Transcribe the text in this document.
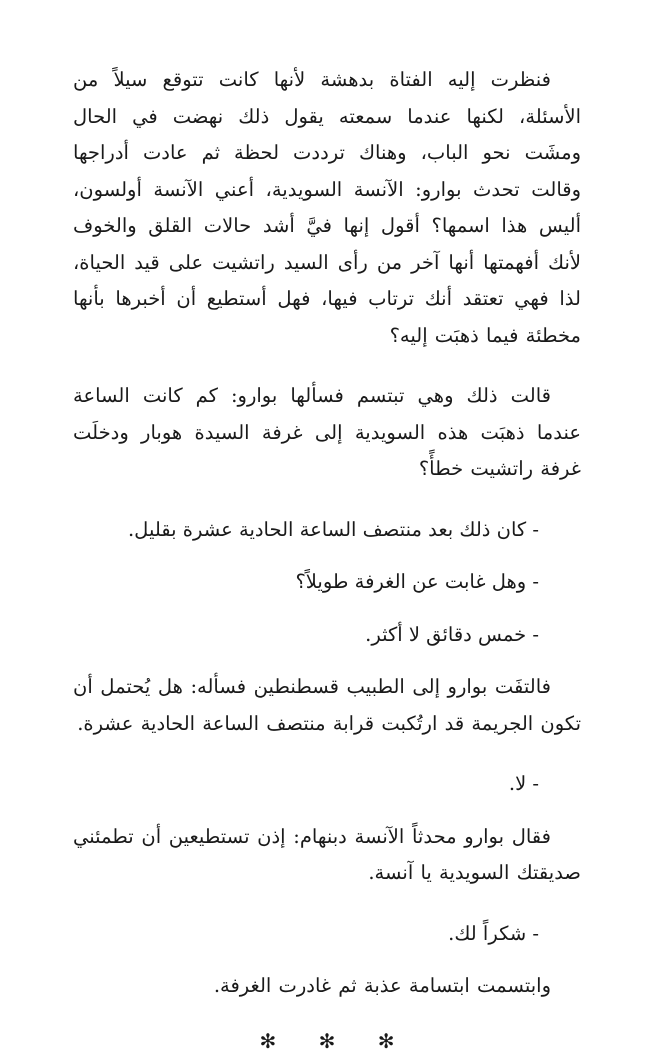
فنظرت إليه الفتاة بدهشة لأنها كانت تتوقع سيلاً من الأسئلة، لكنها عندما سمعته يقول ذلك نهضت في الحال ومشَت نحو الباب، وهناك ترددت لحظة ثم عادت أدراجها وقالت تحدث بوارو: الآنسة السويدية، أعني الآنسة أولسون، أليس هذا اسمها؟ أقول إنها فيَّ أشد حالات القلق والخوف لأنك أفهمتها أنها آخر من رأى السيد راتشيت على قيد الحياة، لذا فهي تعتقد أنك ترتاب فيها، فهل أستطيع أن أخبرها بأنها مخطئة فيما ذهبَت إليه؟

قالت ذلك وهي تبتسم فسألها بوارو: كم كانت الساعة عندما ذهبَت هذه السويدية إلى غرفة السيدة هوبار ودخلَت غرفة راتشيت خطأً؟

- كان ذلك بعد منتصف الساعة الحادية عشرة بقليل.

- وهل غابت عن الغرفة طويلاً؟

- خمس دقائق لا أكثر.

فالتفَت بوارو إلى الطبيب قسطنطين فسأله: هل يُحتمل أن تكون الجريمة قد ارتُكبت قرابة منتصف الساعة الحادية عشرة.

- لا.

فقال بوارو محدثاً الآنسة دبنهام: إذن تستطيعين أن تطمئني صديقتك السويدية يا آنسة.

- شكراً لك.

وابتسمت ابتسامة عذبة ثم غادرت الغرفة.

✻ ✻ ✻
